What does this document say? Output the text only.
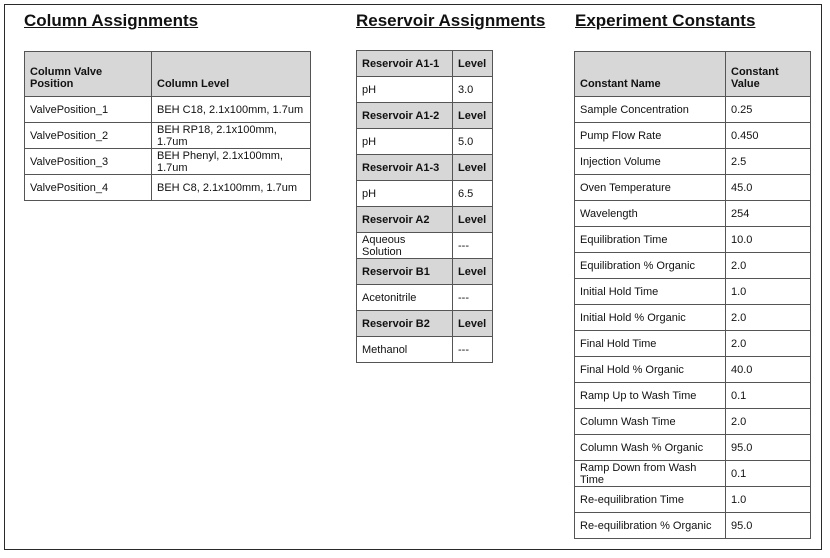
Column Assignments	Reservoir Assignments Experiment Constants
Column Valve Position	Column Level
ValvePosition_1	BEH C18, 2.1x100mm, 1.7um
ValvePosition_2	BEH RP18, 2.1x100mm, 1.7um
ValvePosition_3	BEH Phenyl, 2.1x100mm, 1.7um
ValvePosition_4	BEH C8, 2.1x100mm, 1.7um
Reservoir A1-1	Level
pH	3.0
Reservoir A1-2	Level
pH	5.0
Reservoir A1-3	Level
pH	6.5
Reservoir A2	Level
Aqueous Solution	---
Reservoir B1	Level
Acetonitrile	---
Reservoir B2	Level
Methanol	---
Constant Name	Constant Value
Sample Concentration	0.25
Pump Flow Rate	0.450
Injection Volume	2.5
Oven Temperature	45.0
Wavelength	254
Equilibration Time	10.0
Equilibration % Organic	2.0
Initial Hold Time	1.0
Initial Hold % Organic	2.0
Final Hold Time	2.0
Final Hold % Organic	40.0
Ramp Up to Wash Time	0.1
Column Wash Time	2.0
Column Wash % Organic	95.0
Ramp Down from Wash Time	0.1
Re-equilibration Time	1.0
Re-equilibration % Organic	95.0
